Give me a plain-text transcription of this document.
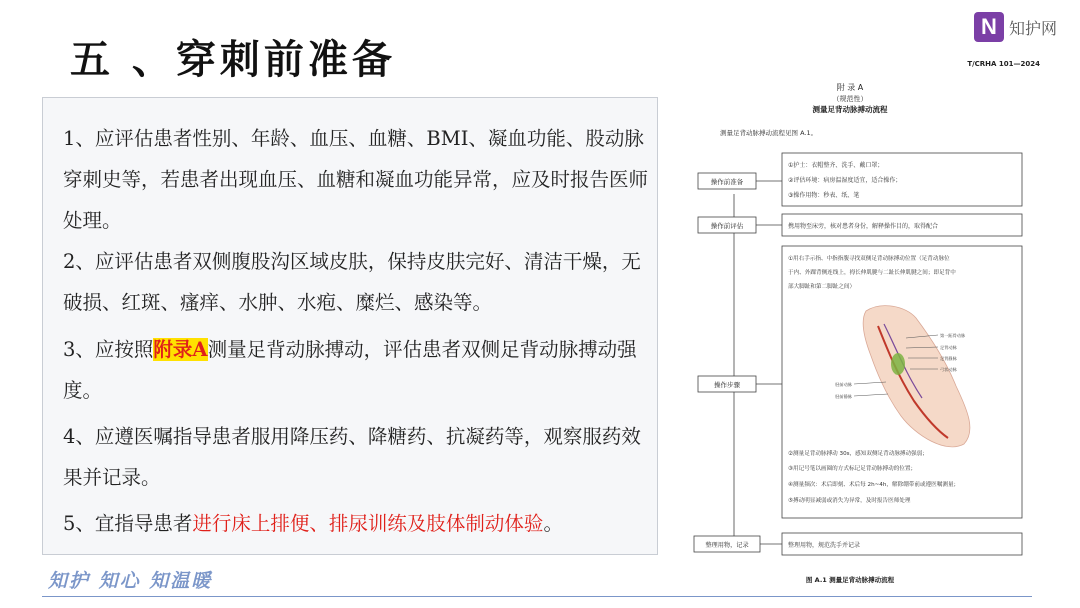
五 、穿刺前准备
N 知护网
1、应评估患者性别、年龄、血压、血糖、BMI、凝血功能、股动脉穿刺史等，若患者出现血压、血糖和凝血功能异常，应及时报告医师处理。
2、应评估患者双侧腹股沟区域皮肤，保持皮肤完好、清洁干燥，无破损、红斑、瘙痒、水肿、水疱、糜烂、感染等。
3、应按照附录A测量足背动脉搏动，评估患者双侧足背动脉搏动强度。
4、应遵医嘱指导患者服用降压药、降糖药、抗凝药等，观察服药效果并记录。
5、宜指导患者进行床上排便、排尿训练及肢体制动体验。
知护 知心 知温暖
T/CRHA 101—2024
附 录 A
（规范性）
测量足背动脉搏动流程
测量足背动脉搏动流程见图 A.1。
操作前准备
①护士：衣帽整齐、洗手、戴口罩；
②评估环境：病房温湿度适宜，适合操作；
③操作用物：秒表、纸、笔
操作前评估	携用物至床旁，核对患者身份，解释操作目的，取得配合
操作步骤
①用右手示指、中指指腹寻找双侧足背动脉搏动位置（足背动脉位
于内、外踝背侧连线上，拇长伸肌腱与二趾长伸肌腱之间；即足背中
部大脚趾和第二脚趾之间）
第一跖骨动脉
足背动脉
足背静脉
弓状动脉
胫前动脉
胫前静脉
②测量足背动脉搏动 30s，感知双侧足背动脉搏动强弱；
③用记号笔以画圈的方式标记足背动脉搏动的位置；
④测量频次：术后即刻、术后每 2h~4h，解除绷带前或遵医嘱测量；
⑤搏动明显减弱或消失为异常，及时报告医师处理
整理用物，记录	整理用物，规范洗手并记录
图 A.1 测量足背动脉搏动流程
